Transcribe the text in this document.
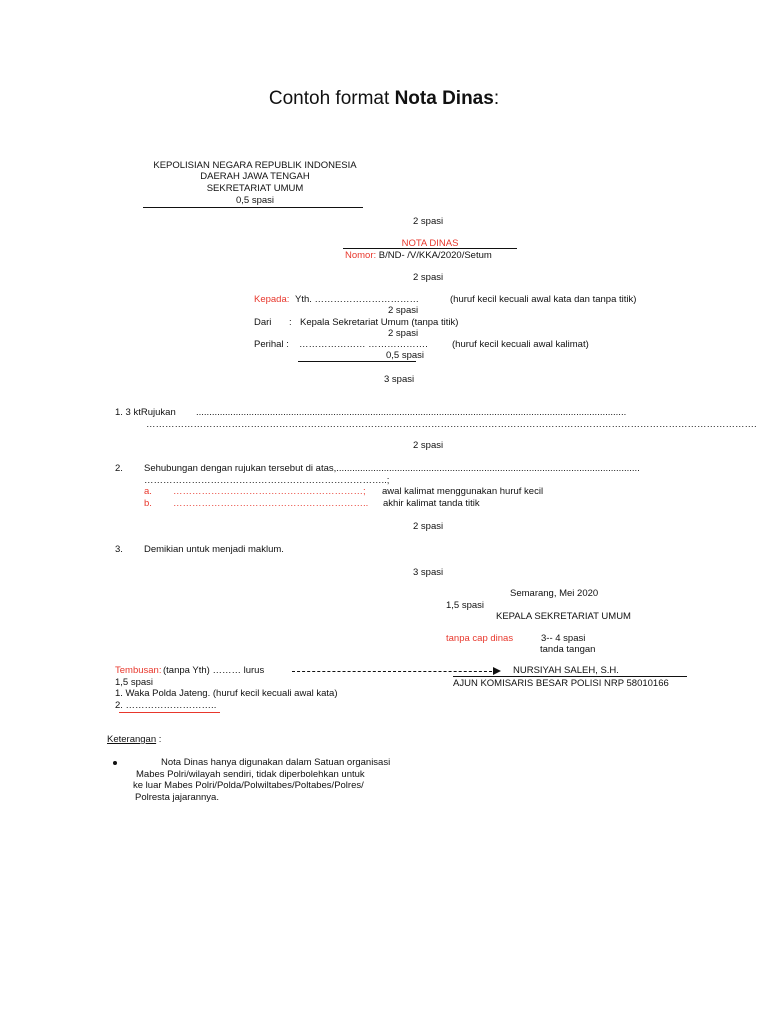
Contoh format Nota Dinas:
KEPOLISIAN NEGARA REPUBLIK INDONESIA
DAERAH JAWA TENGAH
SEKRETARIAT UMUM
0,5 spasi
2 spasi
NOTA DINAS
Nomor: B/ND- /V/KKA/2020/Setum
2 spasi
Kepada: Yth. ……………………………	(huruf kecil kecuali awal kata dan tanpa titik)
2 spasi
Dari : Kepala Sekretariat Umum (tanpa titik)
2 spasi
Perihal : ………………… ……………….	(huruf kecil kecuali awal kalimat)
0,5 spasi
3 spasi
1. 3 ktRujukan ...................................................................................................................................................................
………………………………………………………………………………………………………………………………………………………………………….
2 spasi
2. Sehubungan dengan rujukan tersebut di atas,...................................................................................................................
…………………………………………………………………..;
a. ……………………………………………………; awal kalimat menggunakan huruf kecil
b. …………………………………………………….. akhir kalimat tanda titik
2 spasi
3. Demikian untuk menjadi maklum.
3 spasi
Semarang, Mei 2020
1,5 spasi
KEPALA SEKRETARIAT UMUM
tanpa cap dinas	3-- 4 spasi
tanda tangan
Tembusan: (tanpa Yth) ……… lurus	NURSIYAH SALEH, S.H.
1,5 spasi	AJUN KOMISARIS BESAR POLISI NRP 58010166
1. Waka Polda Jateng. (huruf kecil kecuali awal kata)
2. ………………………..
Keterangan :
Nota Dinas hanya digunakan dalam Satuan organisasi
Mabes Polri/wilayah sendiri, tidak diperbolehkan untuk
ke luar Mabes Polri/Polda/Polwiltabes/Poltabes/Polres/
Polresta jajarannya.
